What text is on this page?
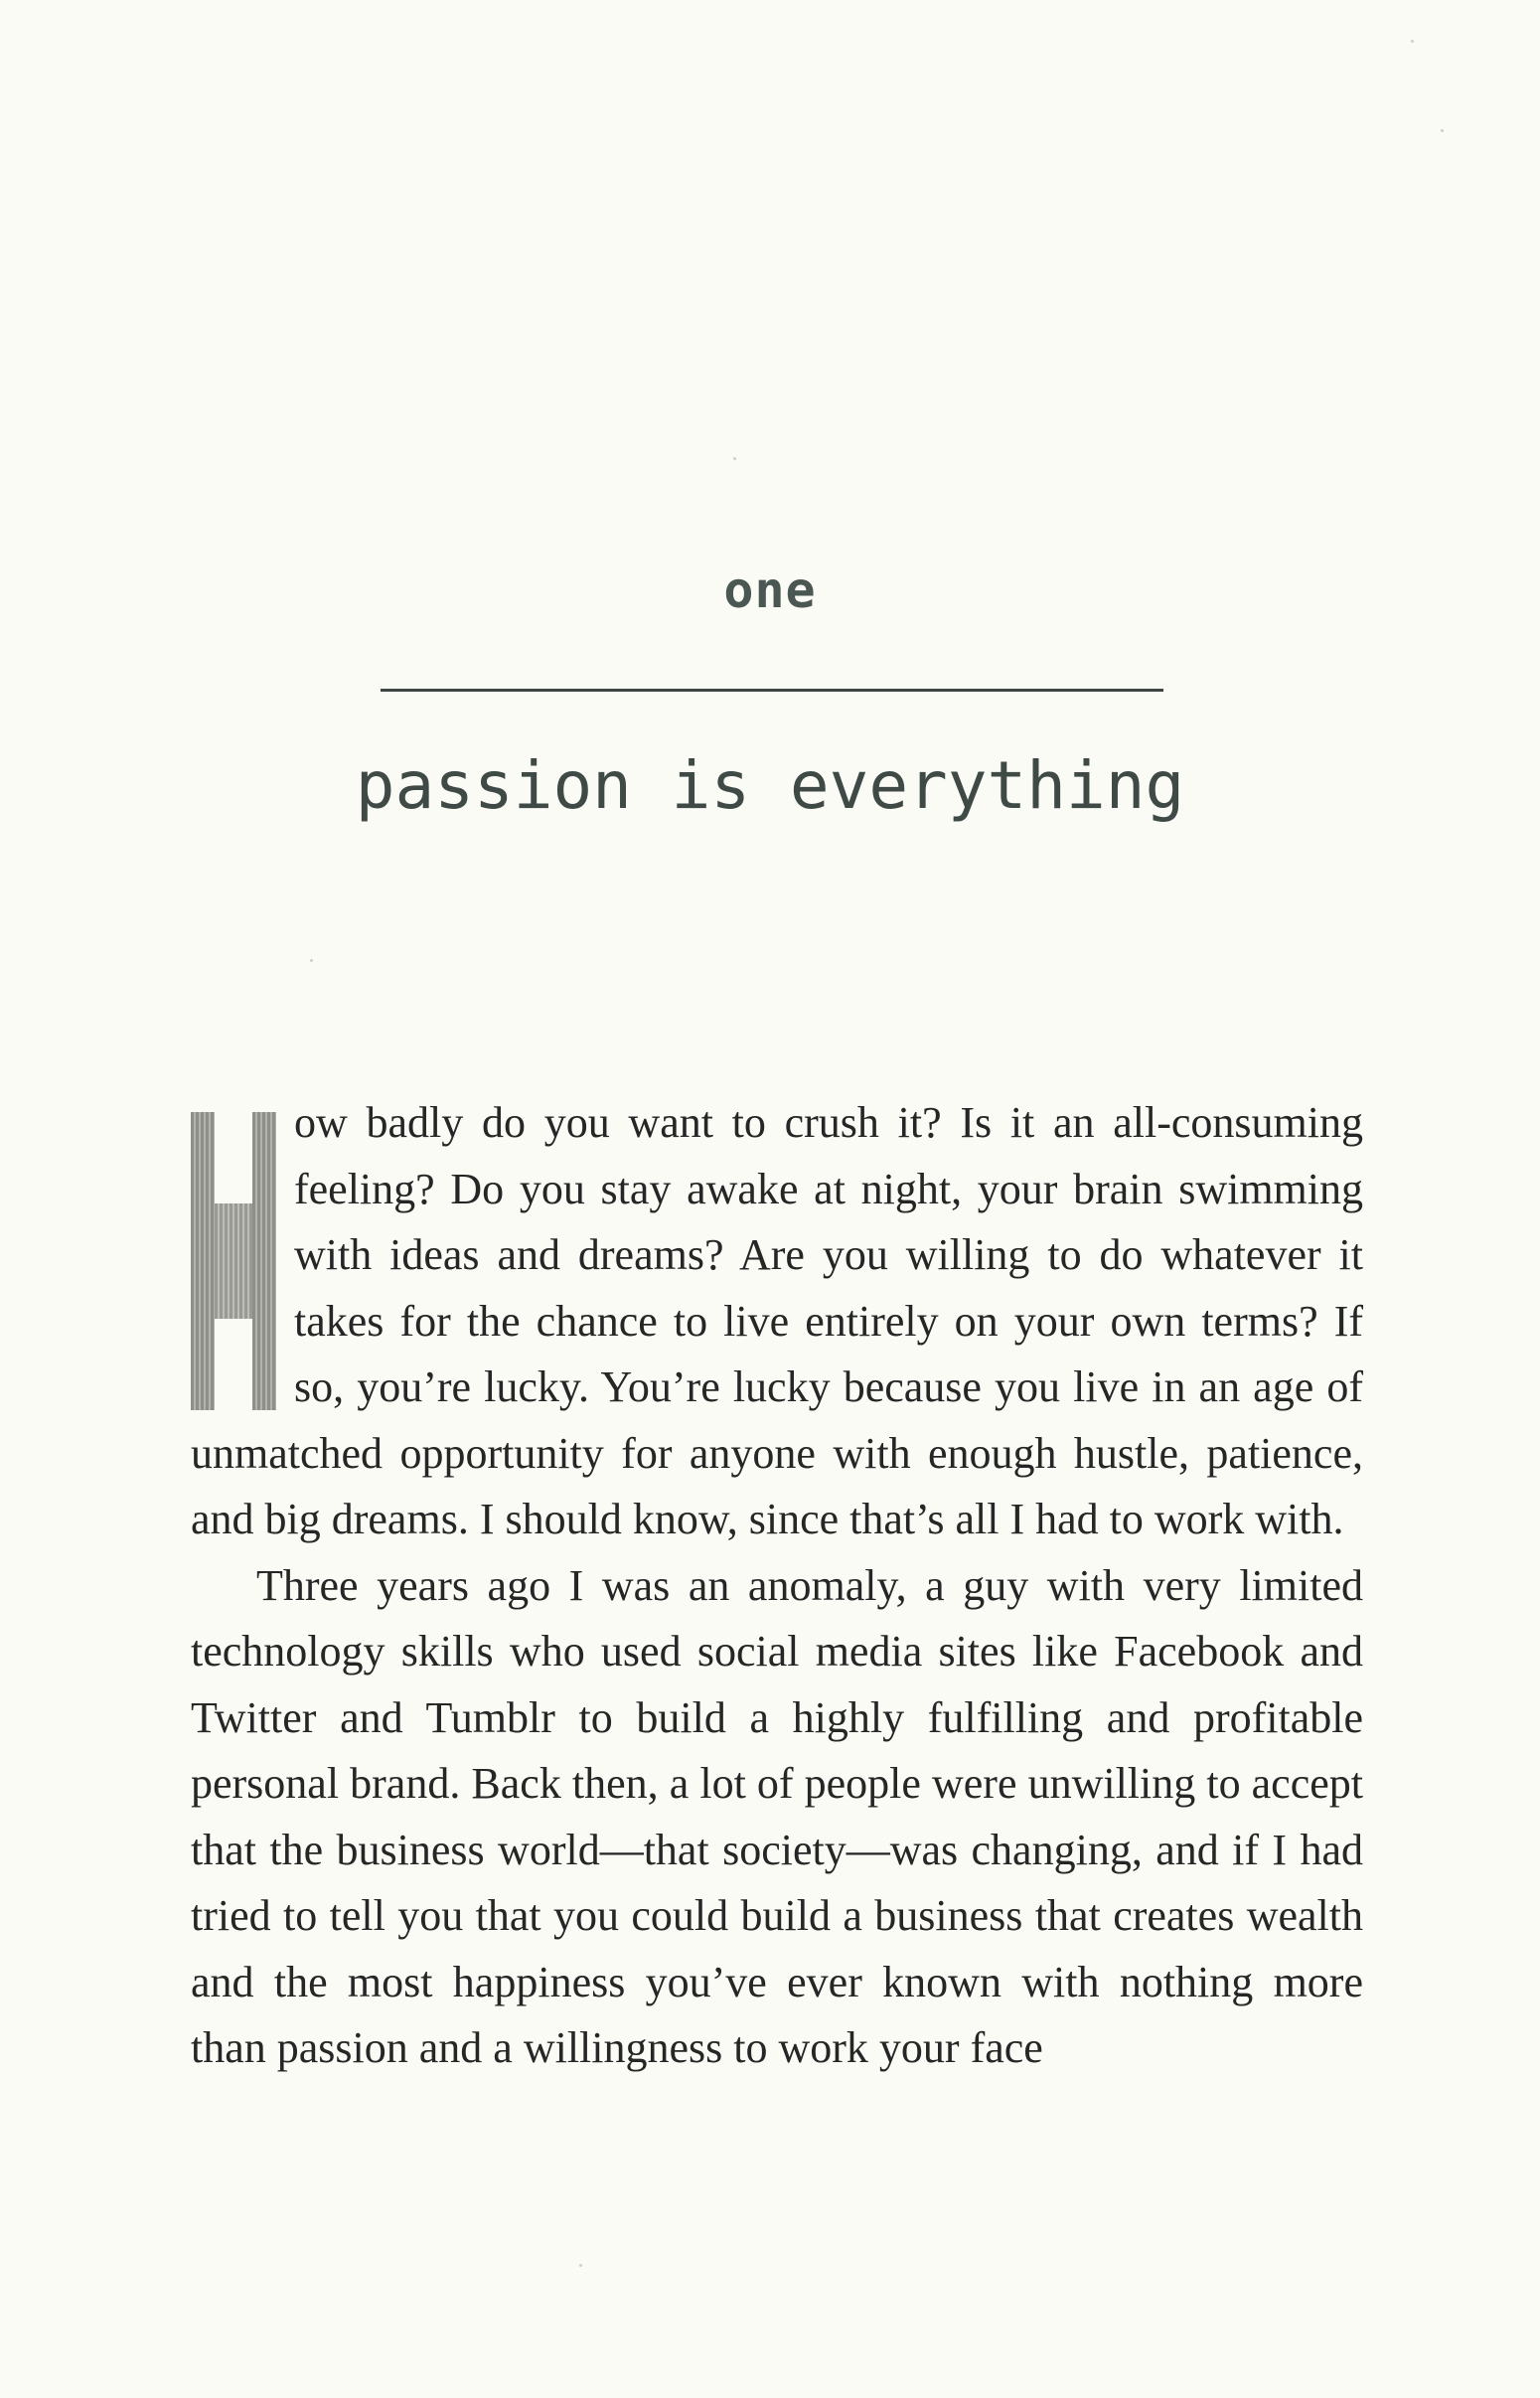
one
passion is everything

ow badly do you want to crush it? Is it an all-consuming feeling? Do you stay awake at night, your brain swimming with ideas and dreams? Are you willing to do whatever it takes for the chance to live entirely on your own terms? If so, you’re lucky. You’re lucky because you live in an age of unmatched opportunity for anyone with enough hustle, patience, and big dreams. I should know, since that’s all I had to work with.

Three years ago I was an anomaly, a guy with very limited technology skills who used social media sites like Facebook and Twitter and Tumblr to build a highly fulfilling and profitable personal brand. Back then, a lot of people were unwilling to accept that the business world—that society—was changing, and if I had tried to tell you that you could build a business that creates wealth and the most happiness you’ve ever known with nothing more than passion and a willingness to work your face
